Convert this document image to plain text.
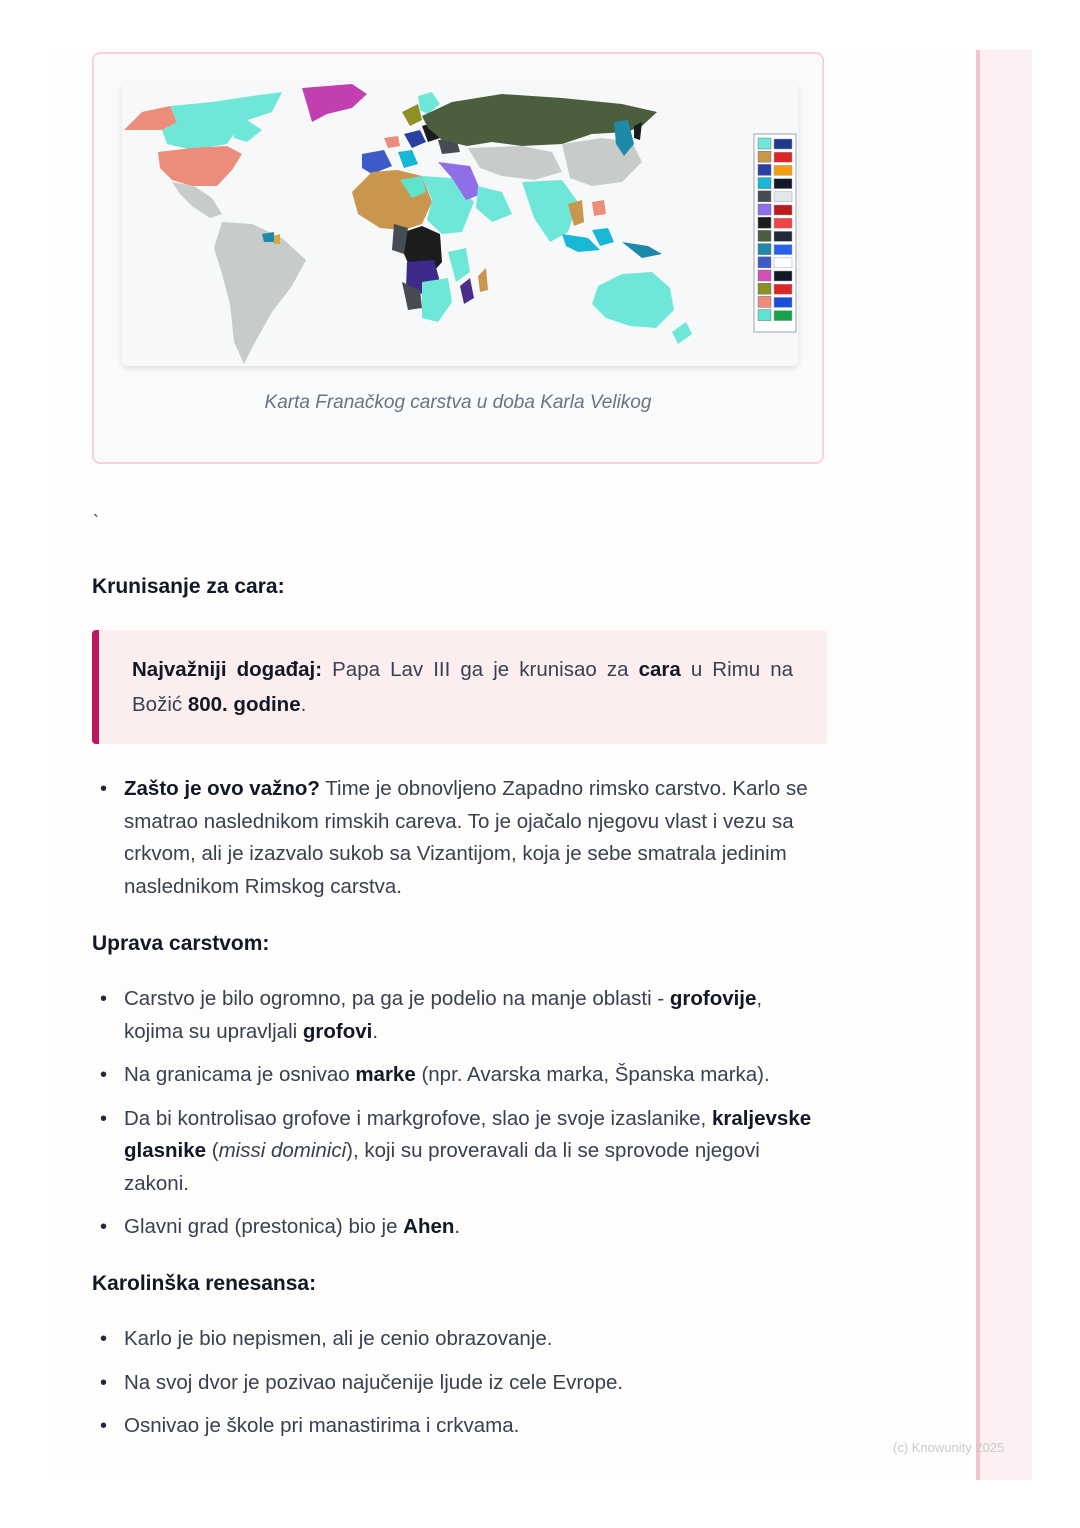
Karta Franačkog carstva u doba Karla Velikog
`
Krunisanje za cara:
Najvažniji događaj: Papa Lav III ga je krunisao za cara u Rimu na Božić 800. godine.
• Zašto je ovo važno? Time je obnovljeno Zapadno rimsko carstvo. Karlo se smatrao naslednikom rimskih careva. To je ojačalo njegovu vlast i vezu sa crkvom, ali je izazvalo sukob sa Vizantijom, koja je sebe smatrala jedinim naslednikom Rimskog carstva.
Uprava carstvom:
• Carstvo je bilo ogromno, pa ga je podelio na manje oblasti - grofovije, kojima su upravljali grofovi.
• Na granicama je osnivao marke (npr. Avarska marka, Španska marka).
• Da bi kontrolisao grofove i markgrofove, slao je svoje izaslanike, kraljevske glasnike (missi dominici), koji su proveravali da li se sprovode njegovi zakoni.
• Glavni grad (prestonica) bio je Ahen.
Karolinška renesansa:
• Karlo je bio nepismen, ali je cenio obrazovanje.
• Na svoj dvor je pozivao najučenije ljude iz cele Evrope.
• Osnivao je škole pri manastirima i crkvama.
(c) Knowunity 2025
